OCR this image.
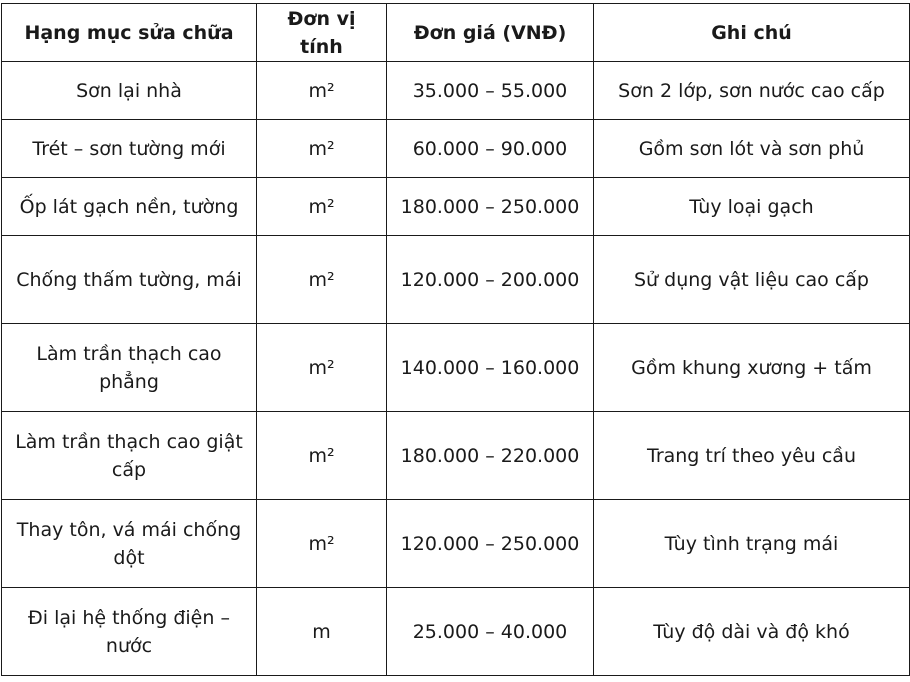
Hạng mục sửa chữa	Đơn vị tính	Đơn giá (VNĐ)	Ghi chú
Sơn lại nhà	m²	35.000 – 55.000	Sơn 2 lớp, sơn nước cao cấp
Trét – sơn tường mới	m²	60.000 – 90.000	Gồm sơn lót và sơn phủ
Ốp lát gạch nền, tường	m²	180.000 – 250.000	Tùy loại gạch
Chống thấm tường, mái	m²	120.000 – 200.000	Sử dụng vật liệu cao cấp
Làm trần thạch cao phẳng	m²	140.000 – 160.000	Gồm khung xương + tấm
Làm trần thạch cao giật cấp	m²	180.000 – 220.000	Trang trí theo yêu cầu
Thay tôn, vá mái chống dột	m²	120.000 – 250.000	Tùy tình trạng mái
Đi lại hệ thống điện – nước	m	25.000 – 40.000	Tùy độ dài và độ khó
